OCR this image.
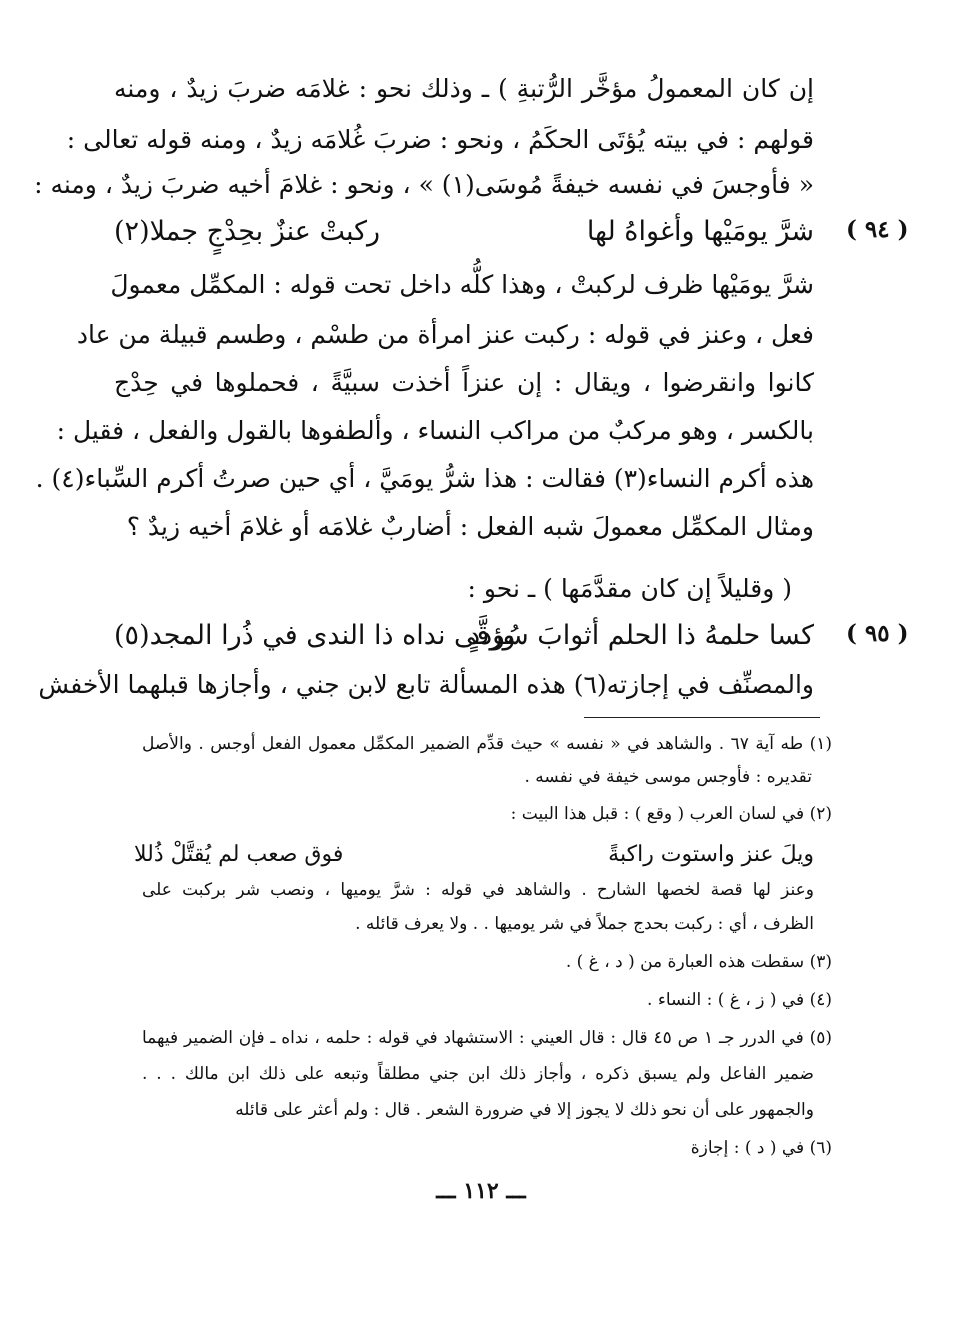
إن كان المعمولُ مؤخَّر الرُّتبةِ ) ـ وذلك نحو : غلامَه ضربَ زيدٌ ، ومنه
قولهم : في بيته يُؤتَى الحكَمُ ، ونحو : ضربَ غُلامَه زيدٌ ، ومنه قوله تعالى :
« فأوجسَ في نفسه خيفةً مُوسَى(١) » ، ونحو : غلامَ أخيه ضربَ زيدٌ ، ومنه :
( ٩٤ )
شرَّ يومَيْها وأغواهُ لها
ركبتْ عنزٌ بحِدْجٍ جملا(٢)
شرَّ يومَيْها ظرف لركبتْ ، وهذا كلُّه داخل تحت قوله : المكمِّل معمولَ
فعل ، وعنز في قوله : ركبت عنز امرأة من طسْم ، وطسم قبيلة من عاد
كانوا وانقرضوا ، ويقال : إن عنزاً أخذت سبيَّةً ، فحملوها في حِدْج
بالكسر ، وهو مركبٌ من مراكب النساء ، وألطفوها بالقول والفعل ، فقيل :
هذه أكرم النساء(٣) فقالت : هذا شرُّ يومَيَّ ، أي حين صرتُ أكرم السِّباء(٤) .
ومثال المكمِّل معمولَ شبه الفعل : أضاربٌ غلامَه أو غلامَ أخيه زيدٌ ؟
( وقليلاً إن كان مقدَّمَها ) ـ نحو :
( ٩٥ )
كسا حلمهُ ذا الحلم أثوابَ سُؤددٍ
ورقَّى نداه ذا الندى في ذُرا المجد(٥)
والمصنِّف في إجازته(٦) هذه المسألة تابع لابن جني ، وأجازها قبلهما الأخفش
(١) طه آية ٦٧ . والشاهد في « نفسه » حيث قدِّم الضمير المكمِّل معمول الفعل أوجس . والأصل
تقديره : فأوجس موسى خيفة في نفسه .
(٢) في لسان العرب ( وقع ) : قبل هذا البيت :
ويلَ عنز واستوت راكبةً
فوق صعب لم يُقتَّلْ ذُللا
وعنز لها قصة لخصها الشارح . والشاهد في قوله : شرَّ يوميها ، ونصب شر بركبت على
الظرف ، أي : ركبت بحدج جملاً في شر يوميها . . ولا يعرف قائله .
(٣) سقطت هذه العبارة من ( د ، غ ) .
(٤) في ( ز ، غ ) : النساء .
(٥) في الدرر جـ ١ ص ٤٥ قال : قال العيني : الاستشهاد في قوله : حلمه ، نداه ـ فإن الضمير فيهما
ضمير الفاعل ولم يسبق ذكره ، وأجاز ذلك ابن جني مطلقاً وتبعه على ذلك ابن مالك . . .
والجمهور على أن نحو ذلك لا يجوز إلا في ضرورة الشعر . قال : ولم أعثر على قائله
(٦) في ( د ) : إجازة
ـــ ١١٢ ـــ
